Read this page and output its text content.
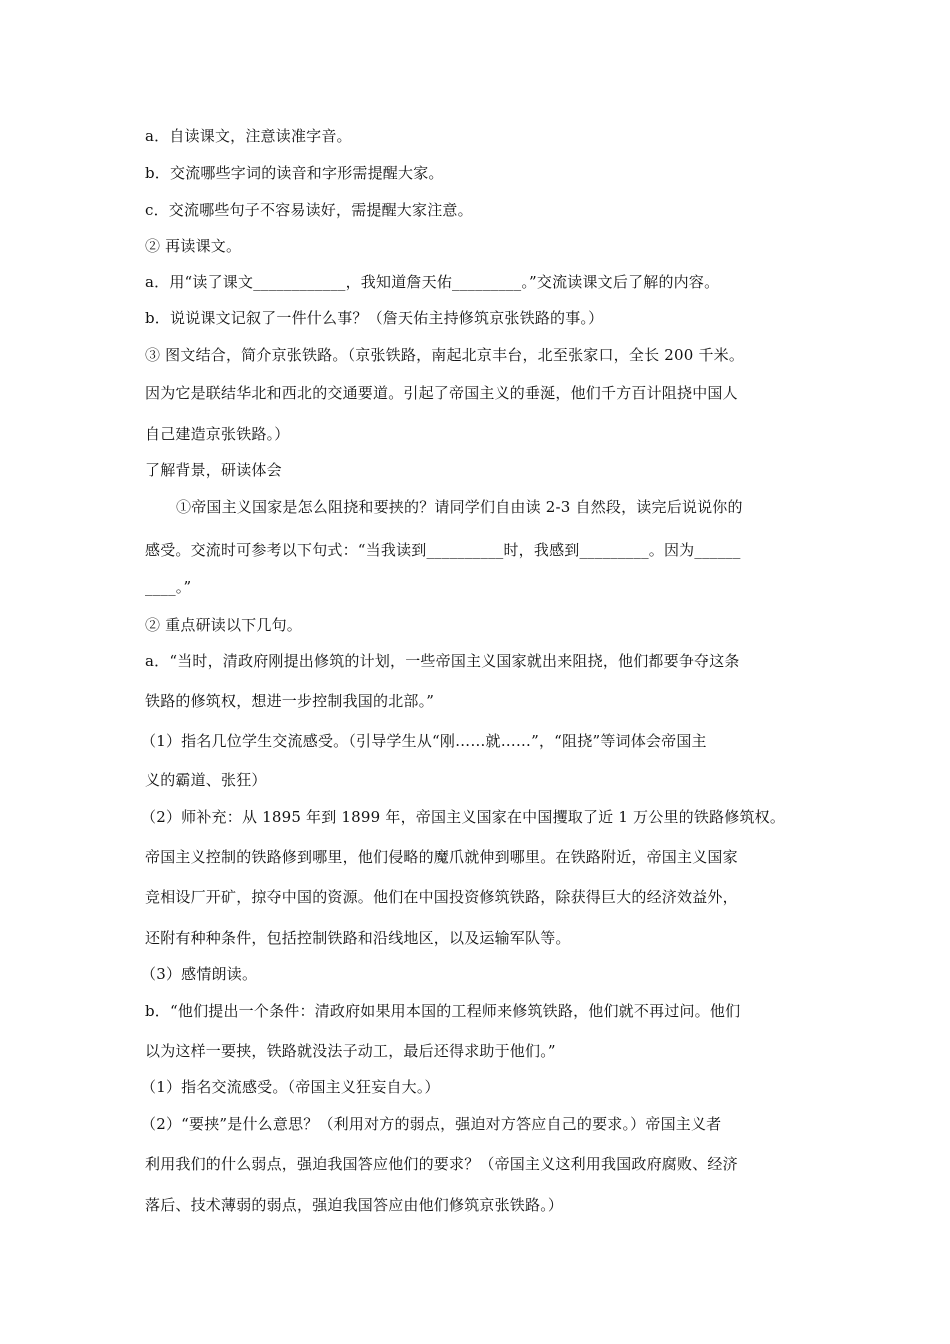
a．自读课文，注意读准字音。
b．交流哪些字词的读音和字形需提醒大家。
c．交流哪些句子不容易读好，需提醒大家注意。
② 再读课文。
a．用“读了课文____________，我知道詹天佑_________。”交流读课文后了解的内容。
b．说说课文记叙了一件什么事？（詹天佑主持修筑京张铁路的事。）
③ 图文结合，简介京张铁路。（京张铁路，南起北京丰台，北至张家口，全长 200 千米。
因为它是联结华北和西北的交通要道。引起了帝国主义的垂涎，他们千方百计阻挠中国人
自己建造京张铁路。）
了解背景，研读体会
①帝国主义国家是怎么阻挠和要挟的？请同学们自由读 2-3 自然段，读完后说说你的
感受。交流时可参考以下句式：“当我读到__________时，我感到_________。因为______
____。”
② 重点研读以下几句。
a．“当时，清政府刚提出修筑的计划，一些帝国主义国家就出来阻挠，他们都要争夺这条
铁路的修筑权，想进一步控制我国的北部。”
（1）指名几位学生交流感受。（引导学生从“刚……就……”，“阻挠”等词体会帝国主
义的霸道、张狂）
（2）师补充：从 1895 年到 1899 年，帝国主义国家在中国攫取了近 1 万公里的铁路修筑权。
帝国主义控制的铁路修到哪里，他们侵略的魔爪就伸到哪里。在铁路附近，帝国主义国家
竞相设厂开矿，掠夺中国的资源。他们在中国投资修筑铁路，除获得巨大的经济效益外，
还附有种种条件，包括控制铁路和沿线地区，以及运输军队等。
（3）感情朗读。
b．“他们提出一个条件：清政府如果用本国的工程师来修筑铁路，他们就不再过问。他们
以为这样一要挟，铁路就没法子动工，最后还得求助于他们。”
（1）指名交流感受。（帝国主义狂妄自大。）
（2）“要挟”是什么意思？（利用对方的弱点，强迫对方答应自己的要求。）帝国主义者
利用我们的什么弱点，强迫我国答应他们的要求？（帝国主义这利用我国政府腐败、经济
落后、技术薄弱的弱点，强迫我国答应由他们修筑京张铁路。）
